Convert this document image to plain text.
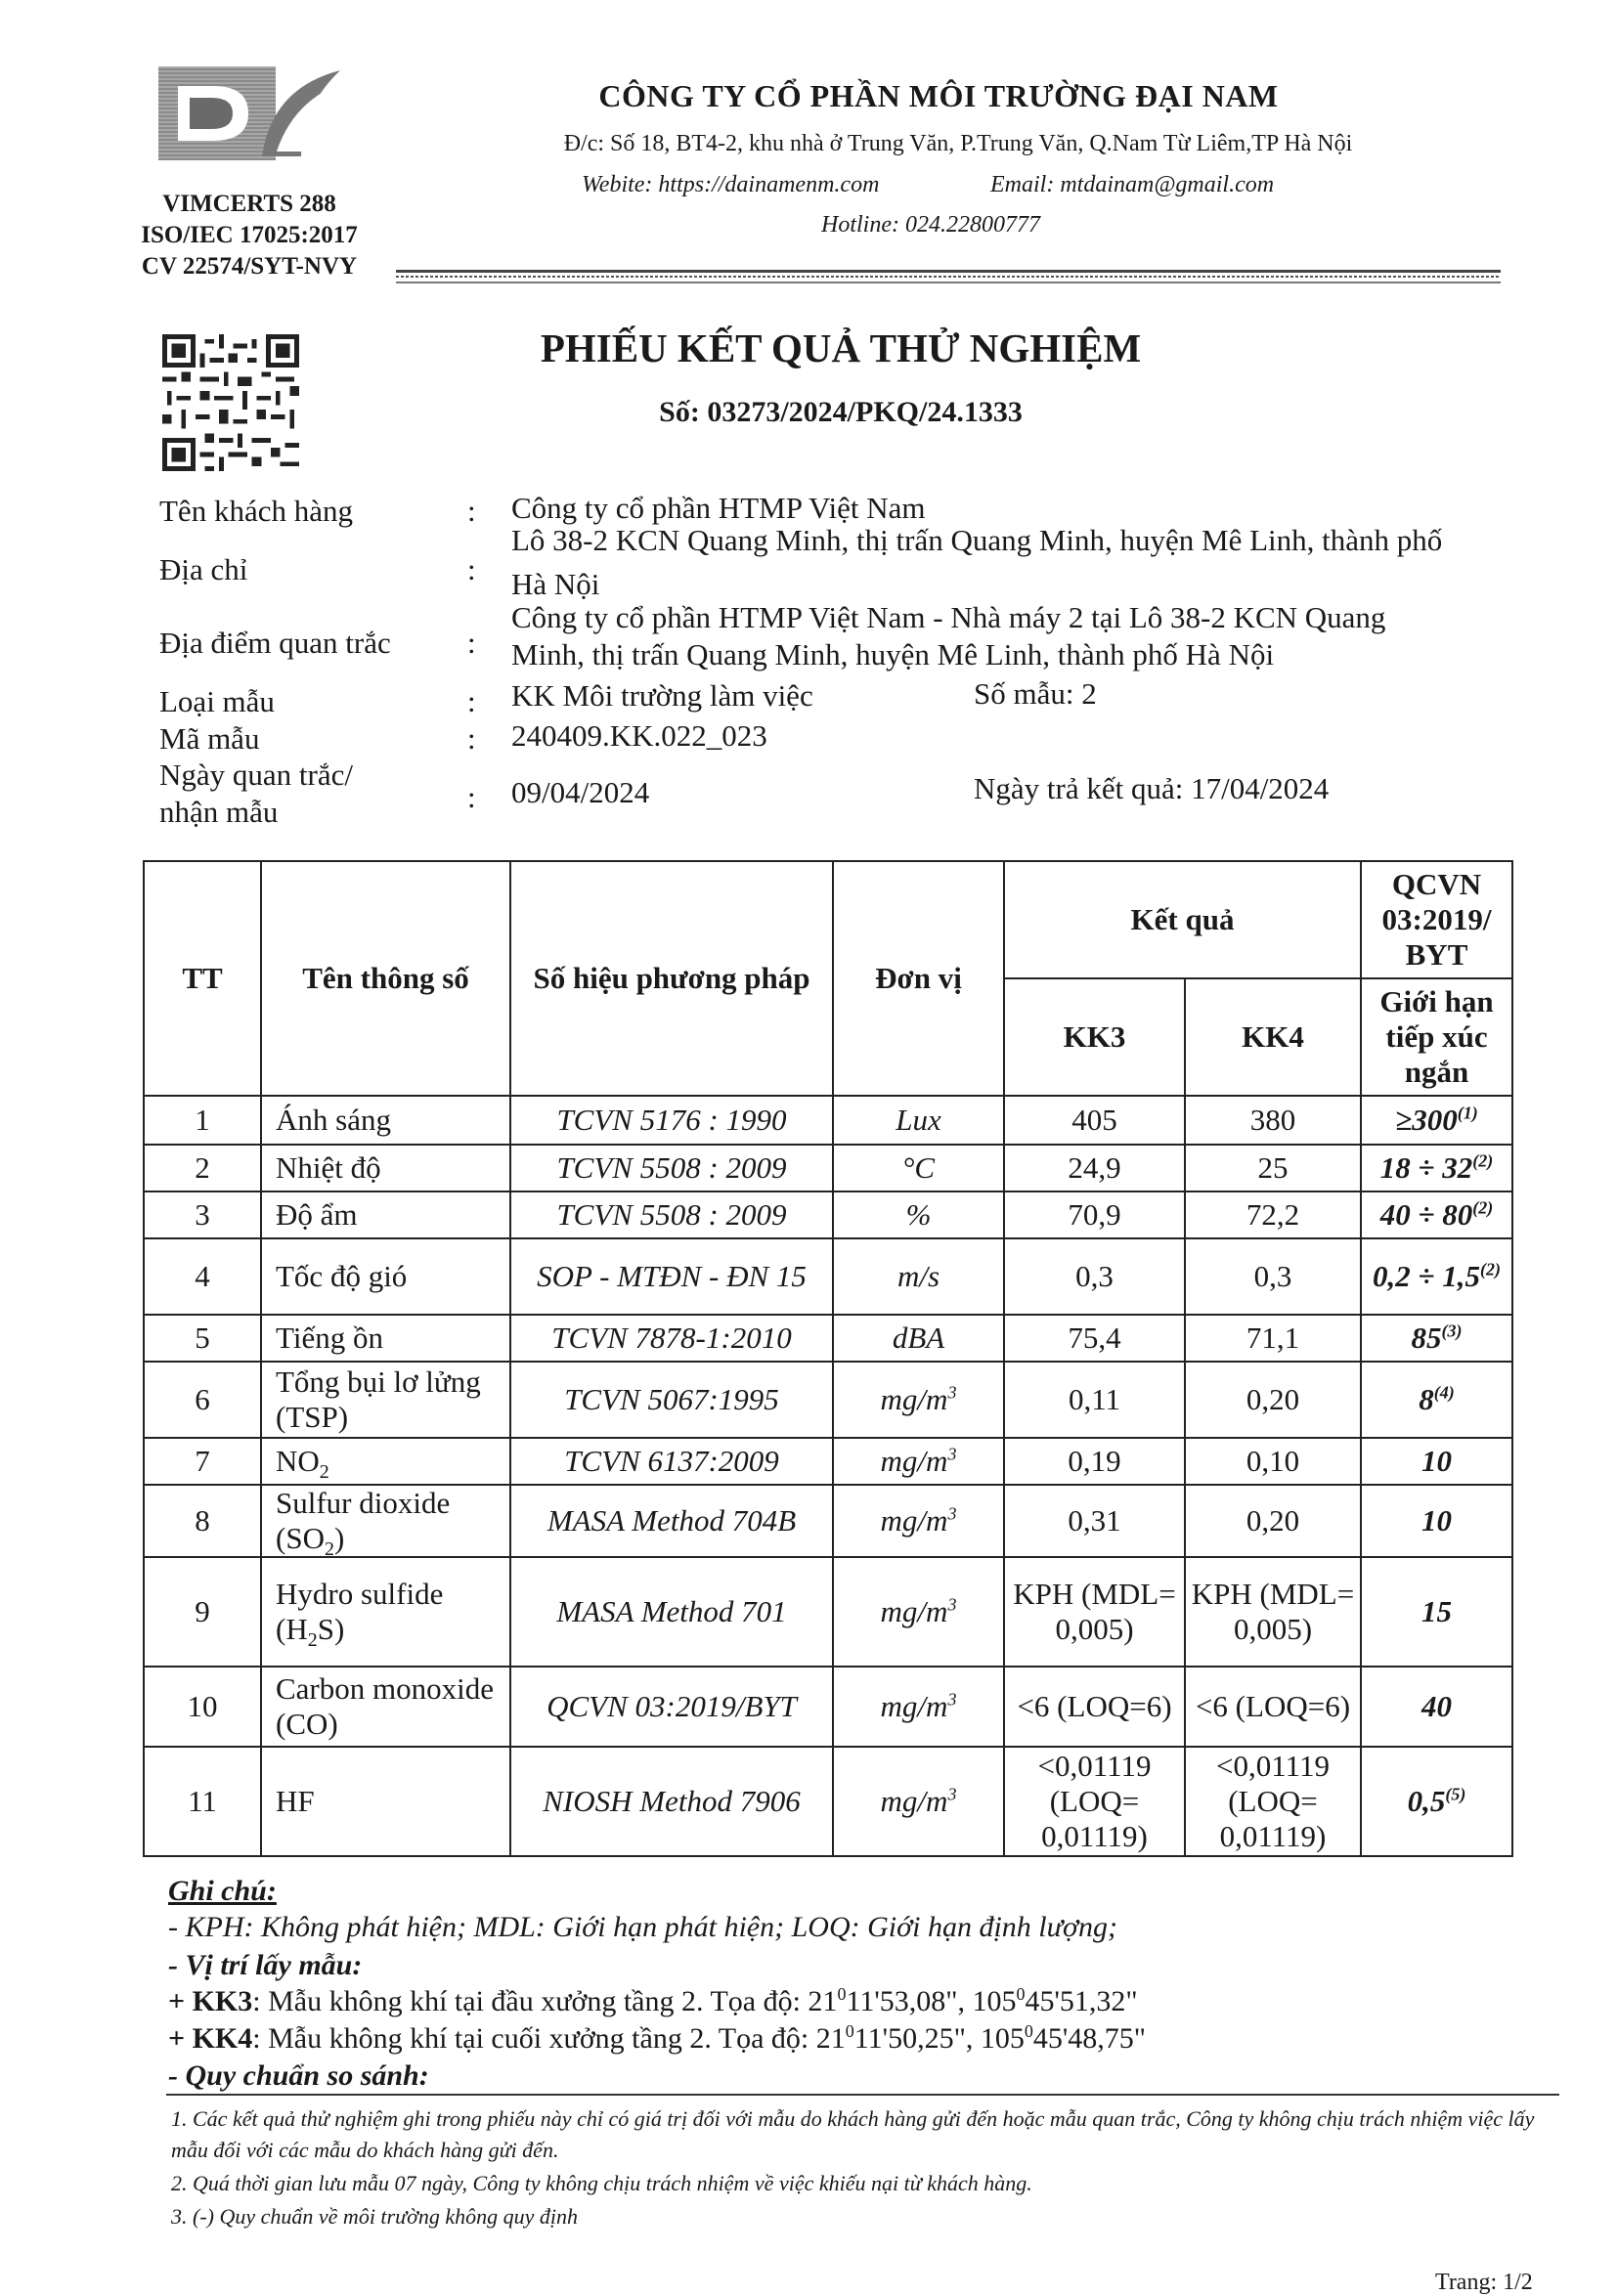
VIMCERTS 288
ISO/IEC 17025:2017
CV 22574/SYT-NVY
CÔNG TY CỔ PHẦN MÔI TRƯỜNG ĐẠI NAM
Đ/c: Số 18, BT4-2, khu nhà ở Trung Văn, P.Trung Văn, Q.Nam Từ Liêm,TP Hà Nội
Webite: https://dainamenm.com	Email: mtdainam@gmail.com
Hotline: 024.22800777
PHIẾU KẾT QUẢ THỬ NGHIỆM
Số: 03273/2024/PKQ/24.1333
Tên khách hàng	: Công ty cổ phần HTMP Việt Nam
Địa chỉ	:
Lô 38-2 KCN Quang Minh, thị trấn Quang Minh, huyện Mê Linh, thành phố
Hà Nội
Địa điểm quan trắc	:
Công ty cổ phần HTMP Việt Nam - Nhà máy 2 tại Lô 38-2 KCN Quang
Minh, thị trấn Quang Minh, huyện Mê Linh, thành phố Hà Nội
Loại mẫu	: KK Môi trường làm việc	Số mẫu: 2
Mã mẫu	: 240409.KK.022_023
Ngày quan trắc/
nhận mẫu	: 09/04/2024	Ngày trả kết quả: 17/04/2024
TT	Tên thông số	Số hiệu phương pháp	Đơn vị	Kết quả		QCVN 03:2019/ BYT
				KK3	KK4	Giới hạn tiếp xúc ngắn
1	Ánh sáng	TCVN 5176 : 1990	Lux	405	380	$\ge 300^{(1)}$
2	Nhiệt độ	TCVN 5508 : 2009	°C	24,9	25	$18 \div 32^{(2)}$
3	Độ ẩm	TCVN 5508 : 2009	%	70,9	72,2	$40 \div 80^{(2)}$
4	Tốc độ gió	SOP - MTĐN - ĐN 15	m/s	0,3	0,3	$0,2 \div 1,5^{(2)}$
5	Tiếng ồn	TCVN 7878-1:2010	dBA	75,4	71,1	85$^{(3)}$
6	Tổng bụi lơ lửng (TSP)	TCVN 5067:1995	$mg/m^3$	0,11	0,20	8$^{(4)}$
7	$NO_2$	TCVN 6137:2009	$mg/m^3$	0,19	0,10	10
8	Sulfur dioxide $(SO_2)$	MASA Method 704B	$mg/m^3$	0,31	0,20	10
9	Hydro sulfide $(H_2S)$	MASA Method 701	$mg/m^3$	KPH (MDL= 0,005)	KPH (MDL= 0,005)	15
10	Carbon monoxide (CO)	QCVN 03:2019/BYT	$mg/m^3$	<6 (LOQ=6)	<6 (LOQ=6)	40
11	HF	NIOSH Method 7906	$mg/m^3$	<0,01119 (LOQ= 0,01119)	<0,01119 (LOQ= 0,01119)	0,5$^{(5)}$
Ghi chú:
- KPH: Không phát hiện; MDL: Giới hạn phát hiện; LOQ: Giới hạn định lượng;
- Vị trí lấy mẫu:
+ KK3: Mẫu không khí tại đầu xưởng tầng 2. Tọa độ: $21^011'53,08$", $105^045'51,32$"
+ KK4: Mẫu không khí tại cuối xưởng tầng 2. Tọa độ: $21^011'50,25$", $105^045'48,75$"
- Quy chuẩn so sánh:
1. Các kết quả thử nghiệm ghi trong phiếu này chỉ có giá trị đối với mẫu do khách hàng gửi đến hoặc mẫu quan trắc, Công ty không chịu trách nhiệm việc lấy mẫu đối với các mẫu do khách hàng gửi đến.
2. Quá thời gian lưu mẫu 07 ngày, Công ty không chịu trách nhiệm về việc khiếu nại từ khách hàng.
3. (-) Quy chuẩn về môi trường không quy định
Trang: 1/2
